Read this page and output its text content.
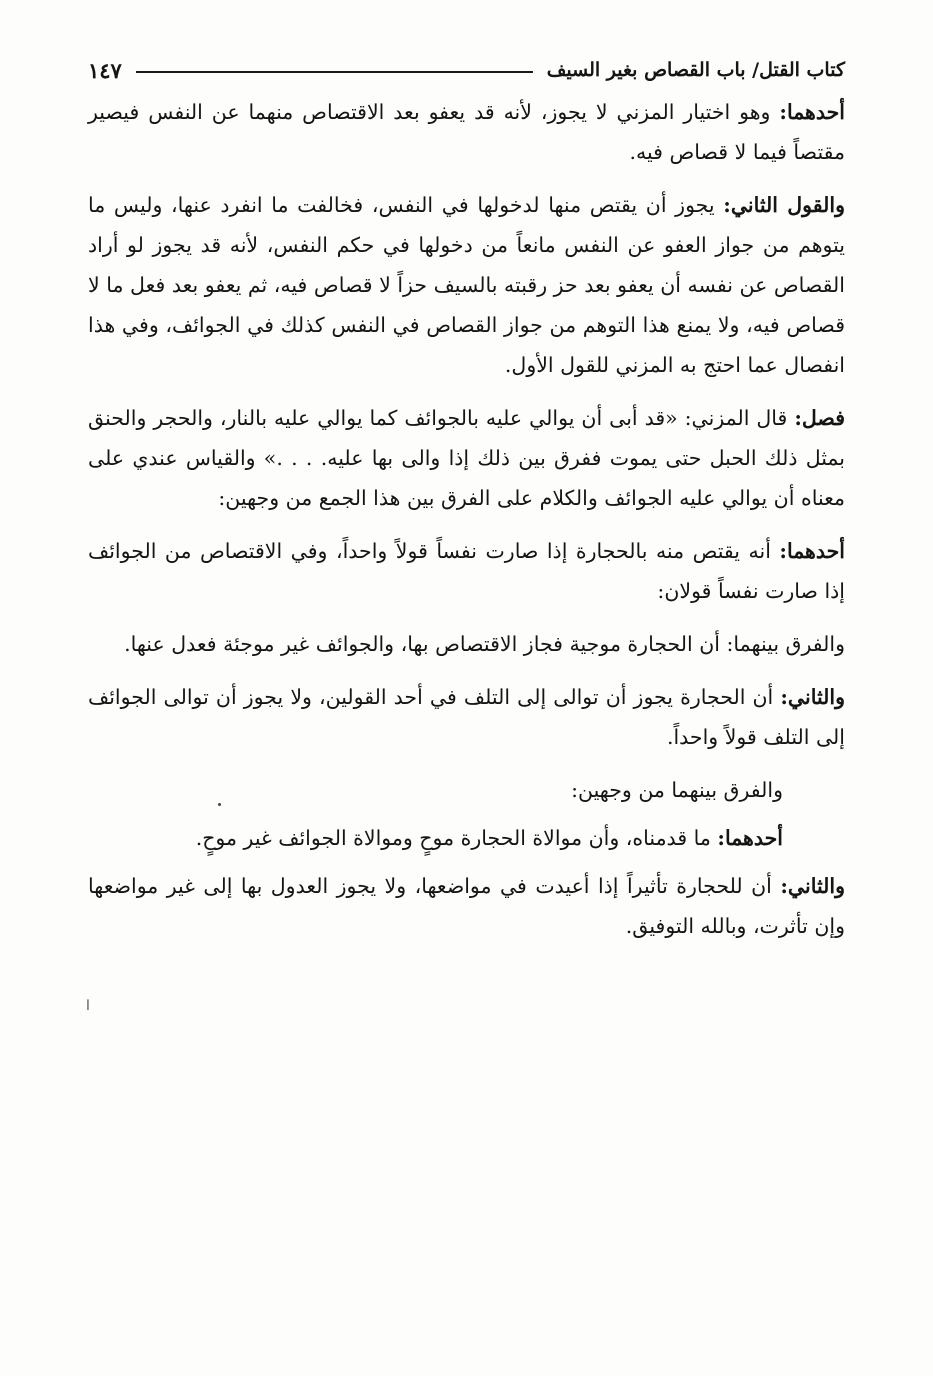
كتاب القتل/ باب القصاص بغير السيف
١٤٧

أحدهما: وهو اختيار المزني لا يجوز، لأنه قد يعفو بعد الاقتصاص منهما عن النفس فيصير مقتصاً فيما لا قصاص فيه.

والقول الثاني: يجوز أن يقتص منها لدخولها في النفس، فخالفت ما انفرد عنها، وليس ما يتوهم من جواز العفو عن النفس مانعاً من دخولها في حكم النفس، لأنه قد يجوز لو أراد القصاص عن نفسه أن يعفو بعد حز رقبته بالسيف حزاً لا قصاص فيه، ثم يعفو بعد فعل ما لا قصاص فيه، ولا يمنع هذا التوهم من جواز القصاص في النفس كذلك في الجوائف، وفي هذا انفصال عما احتج به المزني للقول الأول.

فصل: قال المزني: «قد أبى أن يوالي عليه بالجوائف كما يوالي عليه بالنار، والحجر والحنق بمثل ذلك الحبل حتى يموت ففرق بين ذلك إذا والى بها عليه. . . .» والقياس عندي على معناه أن يوالي عليه الجوائف والكلام على الفرق بين هذا الجمع من وجهين:

أحدهما: أنه يقتص منه بالحجارة إذا صارت نفساً قولاً واحداً، وفي الاقتصاص من الجوائف إذا صارت نفساً قولان:

والفرق بينهما: أن الحجارة موجية فجاز الاقتصاص بها، والجوائف غير موجئة فعدل عنها.

والثاني: أن الحجارة يجوز أن توالى إلى التلف في أحد القولين، ولا يجوز أن توالى الجوائف إلى التلف قولاً واحداً.

والفرق بينهما من وجهين:

أحدهما: ما قدمناه، وأن موالاة الحجارة موحٍ وموالاة الجوائف غير موحٍ.

والثاني: أن للحجارة تأثيراً إذا أعيدت في مواضعها، ولا يجوز العدول بها إلى غير مواضعها وإن تأثرت، وبالله التوفيق.

ا
